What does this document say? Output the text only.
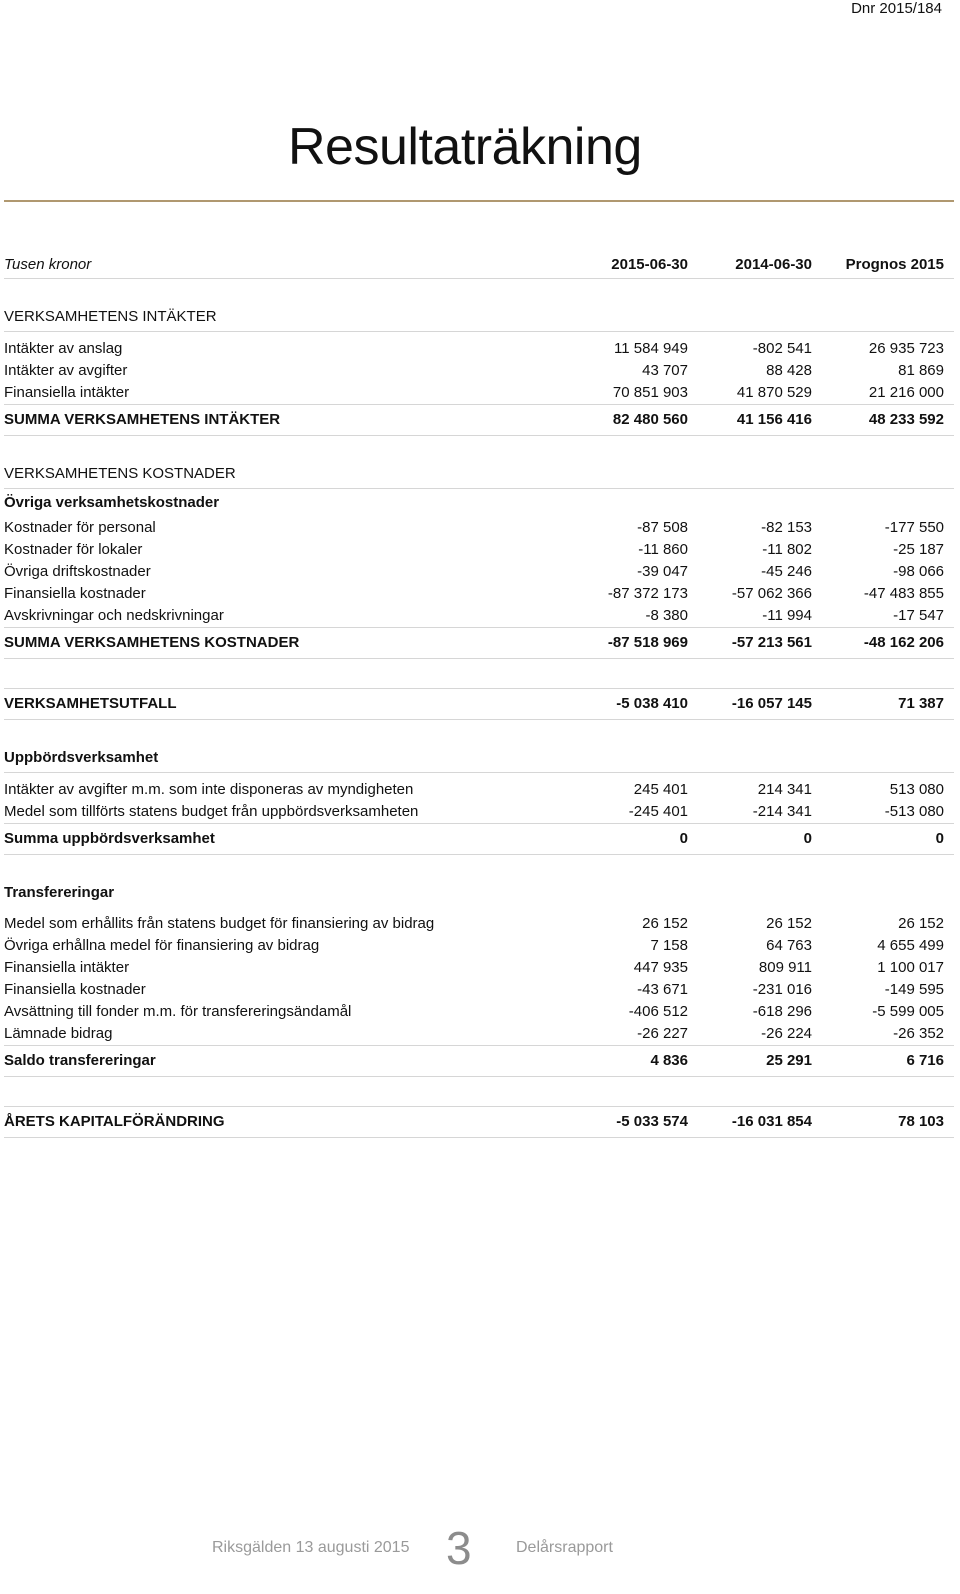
Dnr 2015/184
Resultaträkning
Tusen kronor	2015-06-30	2014-06-30	Prognos 2015

VERKSAMHETENS INTÄKTER			

Intäkter av anslag	11 584 949	-802 541	26 935 723
Intäkter av avgifter	43 707	88 428	81 869
Finansiella intäkter	70 851 903	41 870 529	21 216 000
SUMMA VERKSAMHETENS INTÄKTER	82 480 560	41 156 416	48 233 592

VERKSAMHETENS KOSTNADER			
Övriga verksamhetskostnader			
Kostnader för personal	-87 508	-82 153	-177 550
Kostnader för lokaler	-11 860	-11 802	-25 187
Övriga driftskostnader	-39 047	-45 246	-98 066
Finansiella kostnader	-87 372 173	-57 062 366	-47 483 855
Avskrivningar och nedskrivningar	-8 380	-11 994	-17 547
SUMMA VERKSAMHETENS KOSTNADER	-87 518 969	-57 213 561	-48 162 206

VERKSAMHETSUTFALL	-5 038 410	-16 057 145	71 387

Uppbördsverksamhet			

Intäkter av avgifter m.m. som inte disponeras av myndigheten	245 401	214 341	513 080
Medel som tillförts statens budget från uppbördsverksamheten	-245 401	-214 341	-513 080
Summa uppbördsverksamhet	0	0	0

Transfereringar			

Medel som erhållits från statens budget för finansiering av bidrag	26 152	26 152	26 152
Övriga erhållna medel för finansiering av bidrag	7 158	64 763	4 655 499
Finansiella intäkter	447 935	809 911	1 100 017
Finansiella kostnader	-43 671	-231 016	-149 595
Avsättning till fonder m.m. för transfereringsändamål	-406 512	-618 296	-5 599 005
Lämnade bidrag	-26 227	-26 224	-26 352
Saldo transfereringar	4 836	25 291	6 716

ÅRETS KAPITALFÖRÄNDRING	-5 033 574	-16 031 854	78 103
Riksgälden 13 augusti 2015 3	Delårsrapport
